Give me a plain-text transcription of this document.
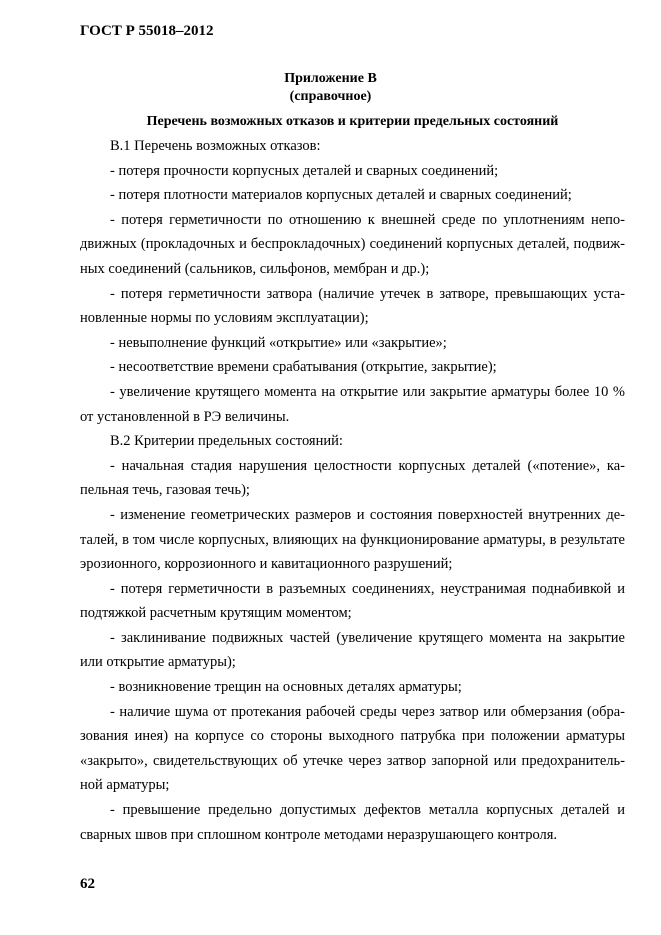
ГОСТ Р 55018–2012
Приложение В
(справочное)
Перечень возможных отказов и критерии предельных состояний

В.1 Перечень возможных отказов:

- потеря прочности корпусных деталей и сварных соединений;

- потеря плотности материалов корпусных деталей и сварных соединений;

- потеря герметичности по отношению к внешней среде по уплотнениям неподвижных (прокладочных и беспрокладочных) соединений корпусных деталей, подвижных соединений (сальников, сильфонов, мембран и др.);

- потеря герметичности затвора (наличие утечек в затворе, превышающих установленные нормы по условиям эксплуатации);

- невыполнение функций «открытие» или «закрытие»;

- несоответствие времени срабатывания (открытие, закрытие);

- увеличение крутящего момента на открытие или закрытие арматуры более 10 % от установленной в РЭ величины.

В.2 Критерии предельных состояний:

- начальная стадия нарушения целостности корпусных деталей («потение», капельная течь, газовая течь);

- изменение геометрических размеров и состояния поверхностей внутренних деталей, в том числе корпусных, влияющих на функционирование арматуры, в результате эрозионного, коррозионного и кавитационного разрушений;

- потеря герметичности в разъемных соединениях, неустранимая поднабивкой и подтяжкой расчетным крутящим моментом;

- заклинивание подвижных частей (увеличение крутящего момента на закрытие или открытие арматуры);

- возникновение трещин на основных деталях арматуры;

- наличие шума от протекания рабочей среды через затвор или обмерзания (образования инея) на корпусе со стороны выходного патрубка при положении арматуры «закрыто», свидетельствующих об утечке через затвор запорной или предохранительной арматуры;

- превышение предельно допустимых дефектов металла корпусных деталей и сварных швов при сплошном контроле методами неразрушающего контроля.

62
